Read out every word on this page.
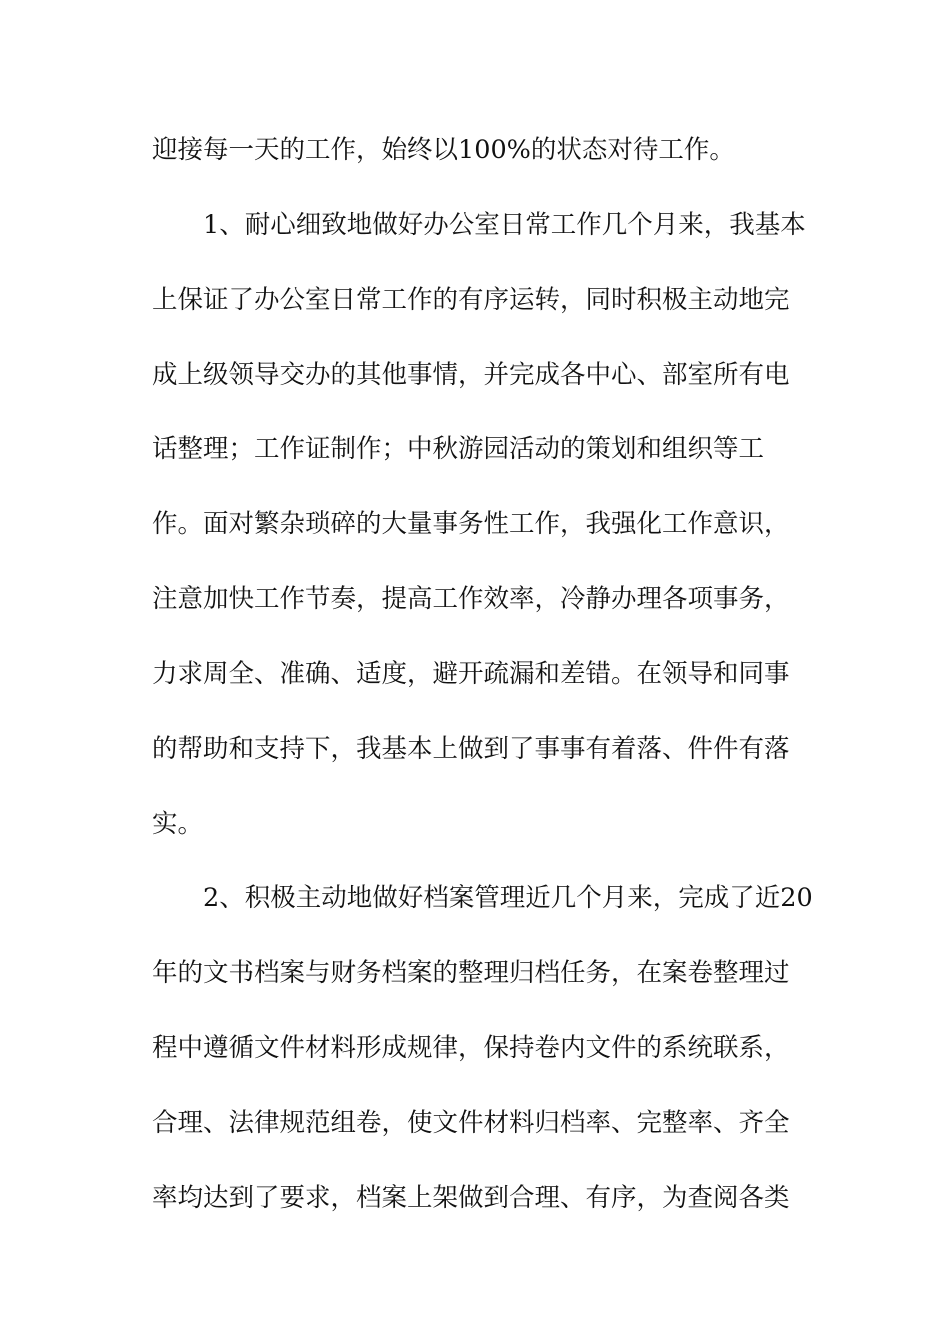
迎接每一天的工作，始终以100%的状态对待工作。
1、耐心细致地做好办公室日常工作几个月来，我基本
上保证了办公室日常工作的有序运转，同时积极主动地完
成上级领导交办的其他事情，并完成各中心、部室所有电
话整理；工作证制作；中秋游园活动的策划和组织等工
作。面对繁杂琐碎的大量事务性工作，我强化工作意识，
注意加快工作节奏，提高工作效率，冷静办理各项事务，
力求周全、准确、适度，避开疏漏和差错。在领导和同事
的帮助和支持下，我基本上做到了事事有着落、件件有落
实。
2、积极主动地做好档案管理近几个月来，完成了近20
年的文书档案与财务档案的整理归档任务，在案卷整理过
程中遵循文件材料形成规律，保持卷内文件的系统联系，
合理、法律规范组卷，使文件材料归档率、完整率、齐全
率均达到了要求，档案上架做到合理、有序，为查阅各类
